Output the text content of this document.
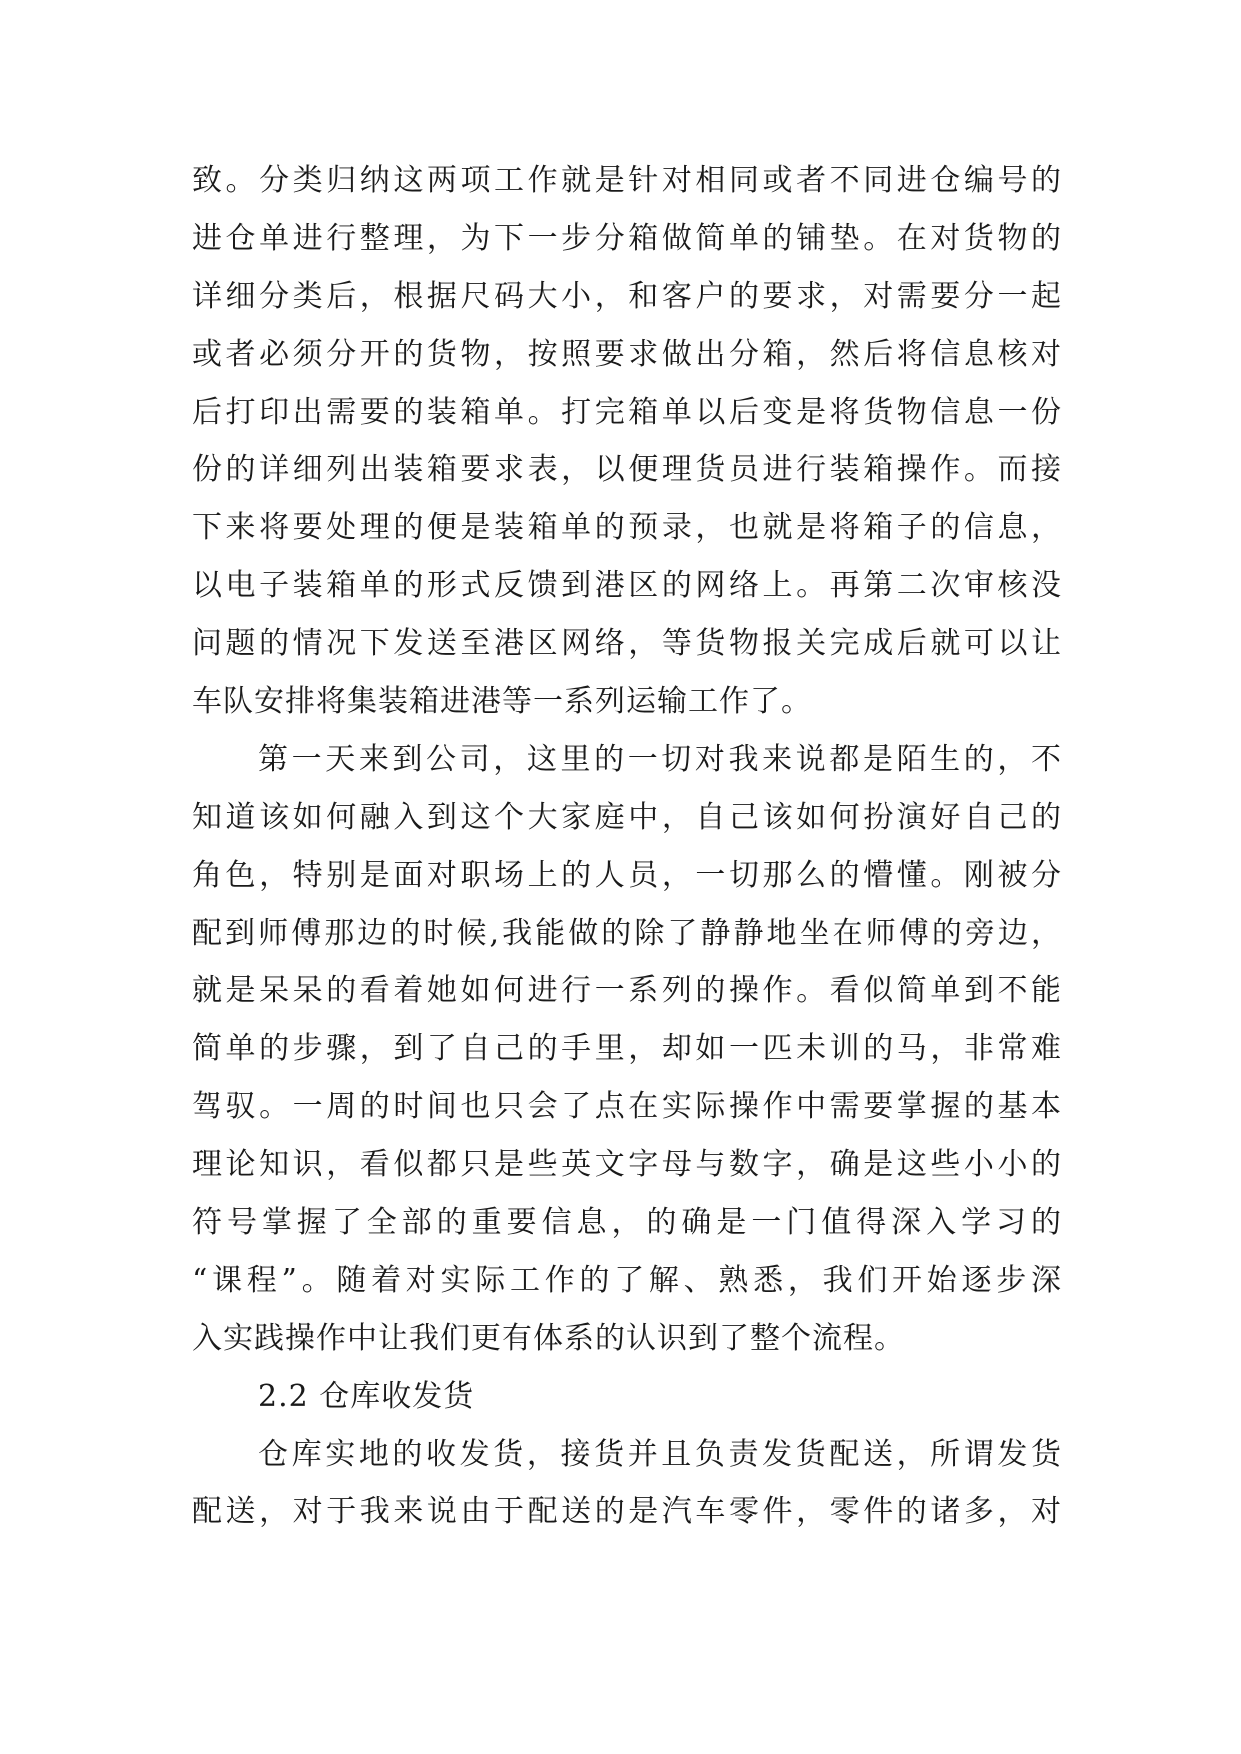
致。分类归纳这两项工作就是针对相同或者不同进仓编号的
进仓单进行整理，为下一步分箱做简单的铺垫。在对货物的
详细分类后，根据尺码大小，和客户的要求，对需要分一起
或者必须分开的货物，按照要求做出分箱，然后将信息核对
后打印出需要的装箱单。打完箱单以后变是将货物信息一份
份的详细列出装箱要求表，以便理货员进行装箱操作。而接
下来将要处理的便是装箱单的预录，也就是将箱子的信息，
以电子装箱单的形式反馈到港区的网络上。再第二次审核没
问题的情况下发送至港区网络，等货物报关完成后就可以让
车队安排将集装箱进港等一系列运输工作了。
第一天来到公司，这里的一切对我来说都是陌生的，不
知道该如何融入到这个大家庭中，自己该如何扮演好自己的
角色，特别是面对职场上的人员，一切那么的懵懂。刚被分
配到师傅那边的时候,我能做的除了静静地坐在师傅的旁边，
就是呆呆的看着她如何进行一系列的操作。看似简单到不能
简单的步骤，到了自己的手里，却如一匹未训的马，非常难
驾驭。一周的时间也只会了点在实际操作中需要掌握的基本
理论知识，看似都只是些英文字母与数字，确是这些小小的
符号掌握了全部的重要信息，的确是一门值得深入学习的
“课程”。随着对实际工作的了解、熟悉，我们开始逐步深
入实践操作中让我们更有体系的认识到了整个流程。
2.2 仓库收发货
仓库实地的收发货，接货并且负责发货配送，所谓发货
配送，对于我来说由于配送的是汽车零件，零件的诸多，对
